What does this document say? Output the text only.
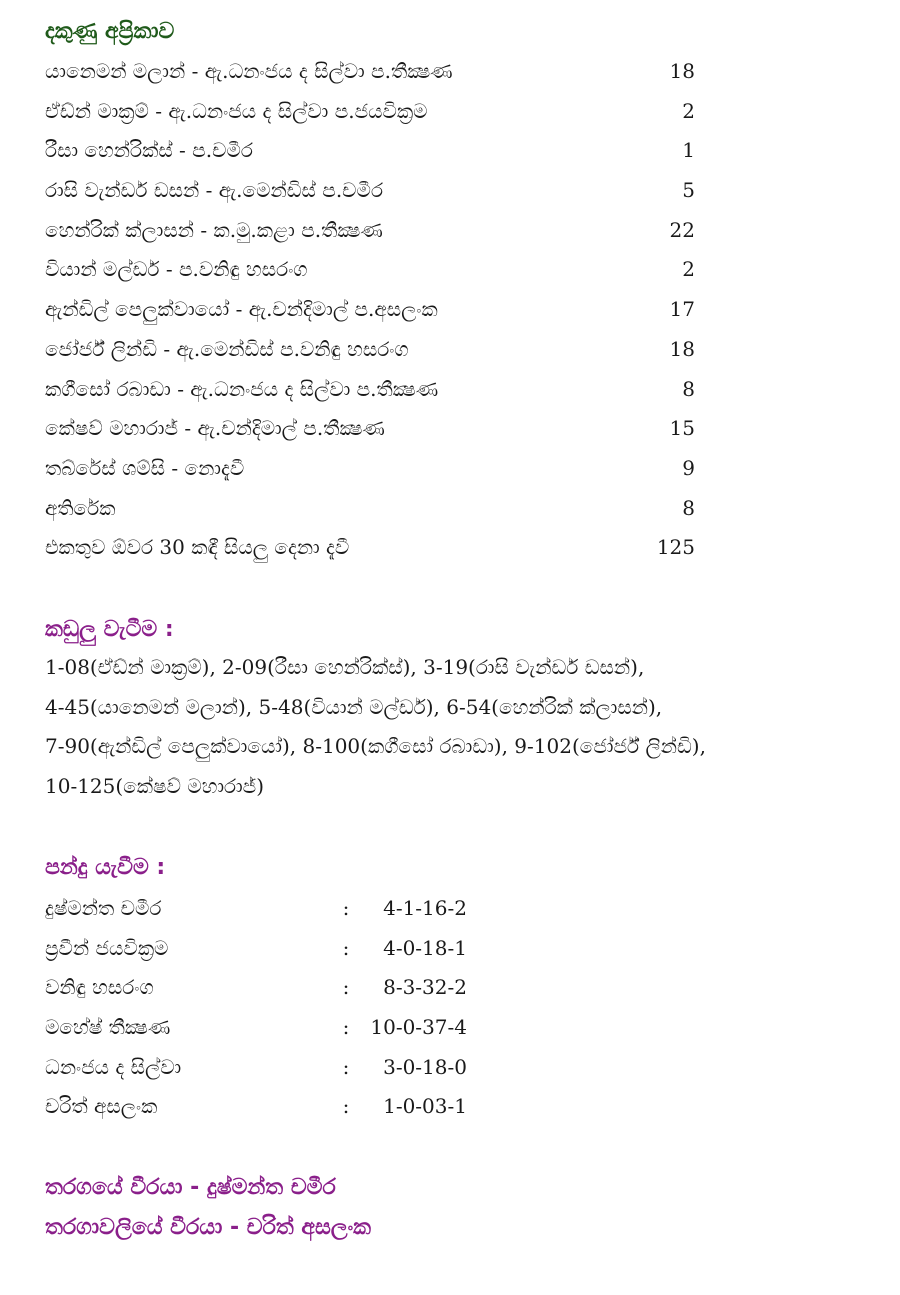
දකුණු අප්‍රිකාව
යානෙමන් මලාන් - ඇ.ධනංජය ද සිල්වා ප.තීක්‍ෂණ	18
ඒඩ්න් මාක්‍රම් - ඇ.ධනංජය ද සිල්වා ප.ජයවික්‍රම	2
රීසා හෙන්රික්ස් - ප.චමීර	1
රාසි වැන්ඩර් ඩසන් - ඇ.මෙන්ඩිස් ප.චමීර	5
හෙන්රික් ක්ලාසන් - ක.මු.කළා ප.තීක්‍ෂණ	22
වියාන් මල්ඩර් - ප.වනිඳු හසරංග	2
ඇන්ඩිල් පෙලුක්වායෝ - ඇ.චන්දිමාල් ප.අසලංක	17
ජෝර්ජ් ලින්ඩි - ඇ.මෙන්ඩිස් ප.වනිඳු හසරංග	18
කගීසෝ රබාඩා - ඇ.ධනංජය ද සිල්වා ප.තීක්‍ෂණ	8
කේෂව් මහාරාජ් - ඇ.චන්දිමාල් ප.තීක්‍ෂණ	15
තබ්රේස් ශම්සි - නොදැවී	9
අතිරේක	8
එකතුව ඕවර 30 කඳී සියලු දෙනා දැවී	125
කඩුලු වැටීම :
1-08(ඒඩ්න් මාක්‍රම්), 2-09(රීසා හෙන්රික්ස්), 3-19(රාසි වැන්ඩර් ඩසන්),
4-45(යානෙමන් මලාන්), 5-48(වියාන් මල්ඩර්), 6-54(හෙන්රික් ක්ලාසන්),
7-90(ඇන්ඩිල් පෙලුක්වායෝ), 8-100(කගීසෝ රබාඩා), 9-102(ජෝර්ජ් ලින්ඩි),
10-125(කේෂව් මහාරාජ්)
පන්දු යැවීම :
දුෂ්මන්ත චමීර	:	4-1-16-2
ප්‍රවීන් ජයවික්‍රම	:	4-0-18-1
වනිඳු හසරංග	:	8-3-32-2
මහේෂ් තීක්‍ෂණ	:	10-0-37-4
ධනංජය ද සිල්වා	:	3-0-18-0
චරිත් අසලංක	:	1-0-03-1
තරගයේ වීරයා - දුෂ්මන්ත චමීර
තරගාවලියේ වීරයා - චරිත් අසලංක
